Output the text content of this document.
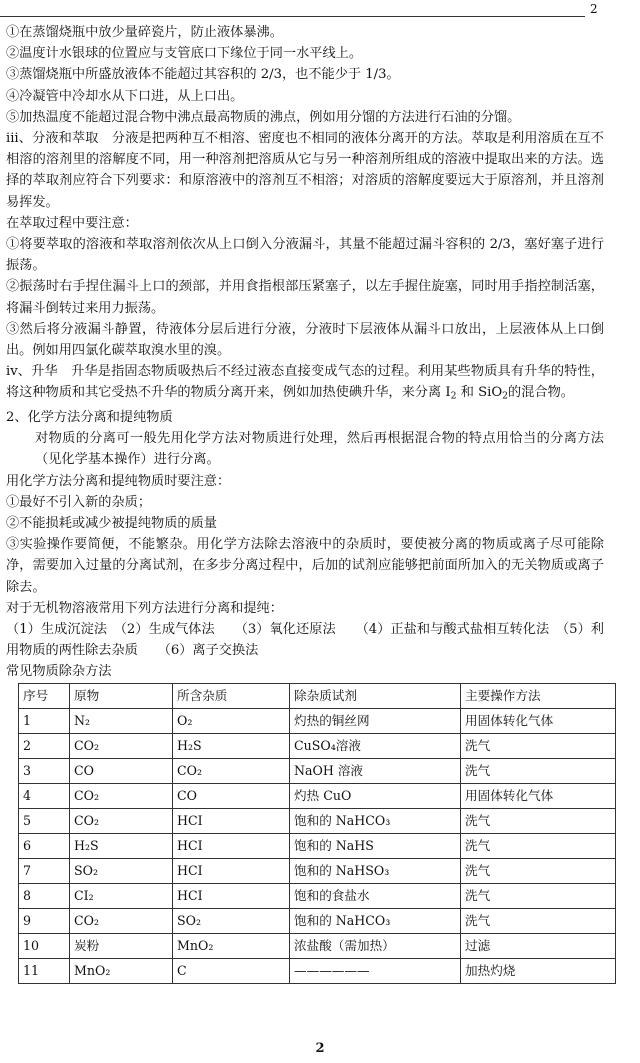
2
①在蒸馏烧瓶中放少量碎瓷片，防止液体暴沸。
②温度计水银球的位置应与支管底口下缘位于同一水平线上。
③蒸馏烧瓶中所盛放液体不能超过其容积的 2/3，也不能少于 1/3。
④冷凝管中冷却水从下口进，从上口出。
⑤加热温度不能超过混合物中沸点最高物质的沸点，例如用分馏的方法进行石油的分馏。
iii、分液和萃取　分液是把两种互不相溶、密度也不相同的液体分离开的方法。萃取是利用溶质在互不相溶的溶剂里的溶解度不同，用一种溶剂把溶质从它与另一种溶剂所组成的溶液中提取出来的方法。选择的萃取剂应符合下列要求：和原溶液中的溶剂互不相溶；对溶质的溶解度要远大于原溶剂，并且溶剂易挥发。
在萃取过程中要注意：
①将要萃取的溶液和萃取溶剂依次从上口倒入分液漏斗，其量不能超过漏斗容积的 2/3，塞好塞子进行振荡。
②振荡时右手捏住漏斗上口的颈部，并用食指根部压紧塞子，以左手握住旋塞，同时用手指控制活塞，将漏斗倒转过来用力振荡。
③然后将分液漏斗静置，待液体分层后进行分液，分液时下层液体从漏斗口放出，上层液体从上口倒出。例如用四氯化碳萃取溴水里的溴。
iv、升华　升华是指固态物质吸热后不经过液态直接变成气态的过程。利用某些物质具有升华的特性，将这种物质和其它受热不升华的物质分离开来，例如加热使碘升华，来分离 I2 和 SiO2的混合物。
2、化学方法分离和提纯物质
对物质的分离可一般先用化学方法对物质进行处理，然后再根据混合物的特点用恰当的分离方法（见化学基本操作）进行分离。
用化学方法分离和提纯物质时要注意：
①最好不引入新的杂质；
②不能损耗或减少被提纯物质的质量
③实验操作要简便，不能繁杂。用化学方法除去溶液中的杂质时，要使被分离的物质或离子尽可能除净，需要加入过量的分离试剂，在多步分离过程中，后加的试剂应能够把前面所加入的无关物质或离子除去。
对于无机物溶液常用下列方法进行分离和提纯：
（1）生成沉淀法　（2）生成气体法　　（3）氧化还原法　　（4）正盐和与酸式盐相互转化法　（5）利用物质的两性除去杂质　　（6）离子交换法
常见物质除杂方法
序号	原物	所含杂质	除杂质试剂	主要操作方法
1	N₂	O₂	灼热的铜丝网	用固体转化气体
2	CO₂	H₂S	CuSO₄溶液	洗气
3	CO	CO₂	NaOH 溶液	洗气
4	CO₂	CO	灼热 CuO	用固体转化气体
5	CO₂	HCI	饱和的 NaHCO₃	洗气
6	H₂S	HCI	饱和的 NaHS	洗气
7	SO₂	HCI	饱和的 NaHSO₃	洗气
8	CI₂	HCI	饱和的食盐水	洗气
9	CO₂	SO₂	饱和的 NaHCO₃	洗气
10	炭粉	MnO₂	浓盐酸（需加热）	过滤
11	MnO₂	C	——————	加热灼烧
2
